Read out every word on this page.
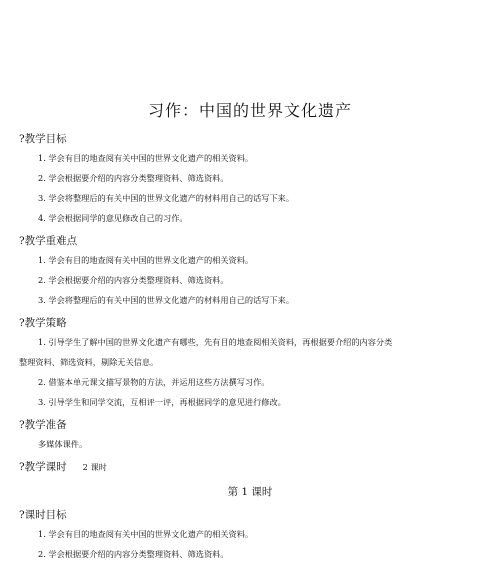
习作：中国的世界文化遗产
?教学目标
1. 学会有目的地查阅有关中国的世界文化遗产的相关资料。
2. 学会根据要介绍的内容分类整理资料、筛选资料。
3. 学会将整理后的有关中国的世界文化遗产的材料用自己的话写下来。
4. 学会根据同学的意见修改自己的习作。
?教学重难点
1. 学会有目的地查阅有关中国的世界文化遗产的相关资料。
2. 学会根据要介绍的内容分类整理资料、筛选资料。
3. 学会将整理后的有关中国的世界文化遗产的材料用自己的话写下来。
?教学策略
1. 引导学生了解中国的世界文化遗产有哪些，先有目的地查阅相关资料，再根据要介绍的内容分类
整理资料、筛选资料，剔除无关信息。
2. 借鉴本单元课文描写景物的方法，并运用这些方法撰写习作。
3. 引导学生和同学交流，互相评一评，再根据同学的意见进行修改。
?教学准备
多媒体课件。
?教学课时 2 课时
第 1 课时
?课时目标
1. 学会有目的地查阅有关中国的世界文化遗产的相关资料。
2. 学会根据要介绍的内容分类整理资料、筛选资料。
